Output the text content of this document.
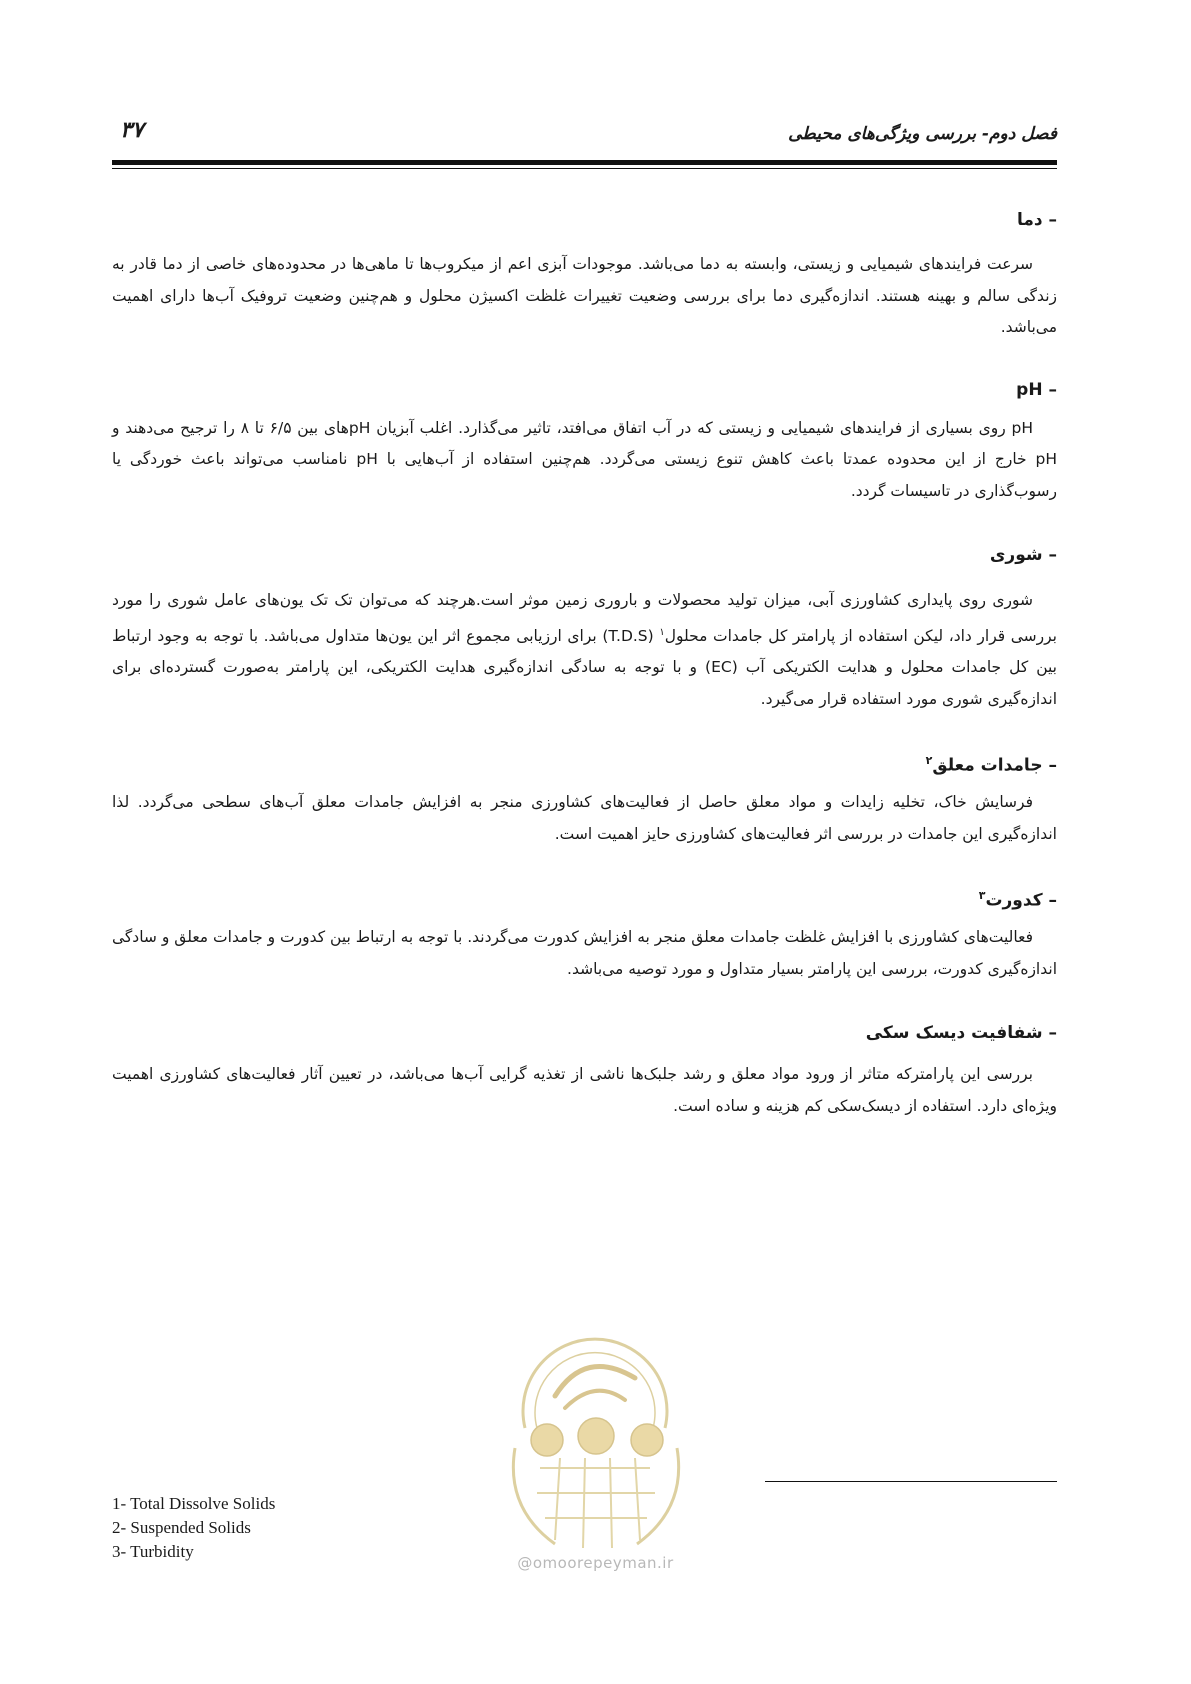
فصل دوم- بررسی ویژگی‌های محیطی
۳۷
– دما

سرعت فرایندهای شیمیایی و زیستی، وابسته به دما می‌باشد. موجودات آبزی اعم از میکروب‌ها تا ماهی‌ها در محدوده‌های خاصی از دما قادر به زندگی سالم و بهینه هستند. اندازه‌گیری دما برای بررسی وضعیت تغییرات غلظت اکسیژن محلول و هم‌چنین وضعیت تروفیک آب‌ها دارای اهمیت می‌باشد.

pH –

pH روی بسیاری از فرایندهای شیمیایی و زیستی که در آب اتفاق می‌افتد، تاثیر می‌گذارد. اغلب آبزیان pHهای بین ۶/۵ تا ۸ را ترجیح می‌دهند و pH خارج از این محدوده عمدتا باعث کاهش تنوع زیستی می‌گردد. هم‌چنین استفاده از آب‌هایی با pH نامناسب می‌تواند باعث خوردگی یا رسوب‌گذاری در تاسیسات گردد.

– شوری

شوری روی پایداری کشاورزی آبی، میزان تولید محصولات و باروری زمین موثر است.هرچند که می‌توان تک تک یون‌های عامل شوری را مورد بررسی قرار داد، لیکن استفاده از پارامتر کل جامدات محلول$^۱$ (T.D.S) برای ارزیابی مجموع اثر این یون‌ها متداول می‌باشد. با توجه به وجود ارتباط بین کل جامدات محلول و هدایت الکتریکی آب (EC) و با توجه به سادگی اندازه‌گیری هدایت الکتریکی، این پارامتر به‌صورت گسترده‌ای برای اندازه‌گیری شوری مورد استفاده قرار می‌گیرد.

– جامدات معلق$^۲$

فرسایش خاک، تخلیه زایدات و مواد معلق حاصل از فعالیت‌های کشاورزی منجر به افزایش جامدات معلق آب‌های سطحی می‌گردد. لذا اندازه‌گیری این جامدات در بررسی اثر فعالیت‌های کشاورزی حایز اهمیت است.

– کدورت$^۳$

فعالیت‌های کشاورزی با افزایش غلظت جامدات معلق منجر به افزایش کدورت می‌گردند. با توجه به ارتباط بین کدورت و جامدات معلق و سادگی اندازه‌گیری کدورت، بررسی این پارامتر بسیار متداول و مورد توصیه می‌باشد.

– شفافیت دیسک سکی

بررسی این پارامترکه متاثر از ورود مواد معلق و رشد جلبک‌ها ناشی از تغذیه گرایی آب‌ها می‌باشد، در تعیین آثار فعالیت‌های کشاورزی اهمیت ویژه‌ای دارد. استفاده از دیسک‌سکی کم هزینه و ساده است.

@omoorepeyman.ir
1- Total Dissolve Solids
2- Suspended Solids
3- Turbidity
